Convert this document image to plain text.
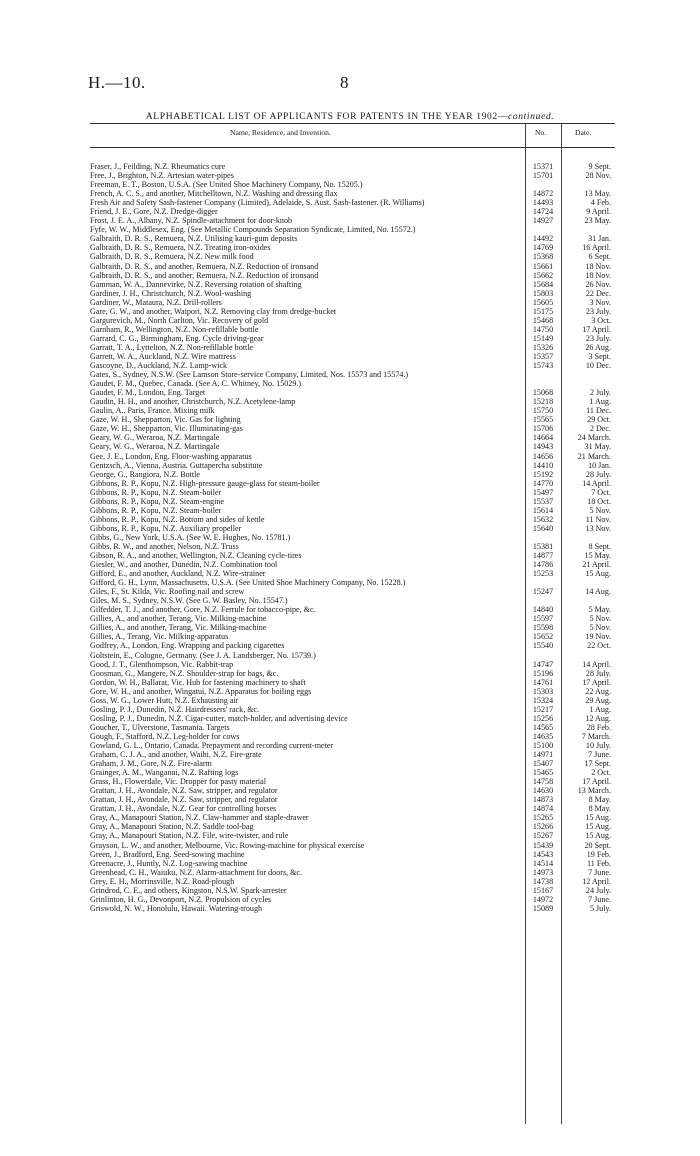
H.—10.	8
ALPHABETICAL LIST OF APPLICANTS FOR PATENTS IN THE YEAR 1902—continued.
Name, Residence, and Invention.	No.	Date.
Fraser, J., Feilding, N.Z. Rheumatics cure	15371	9 Sept.

Free, J., Brighton, N.Z. Artesian water-pipes	15701	28 Nov.

Freeman, E. T., Boston, U.S.A. (See United Shoe Machinery Company, No. 15205.)		

French, A. C. S., and another, Mitchelltown, N.Z. Washing and dressing flax	14872	13 May.

Fresh Air and Safety Sash-fastener Company (Limited), Adelaide, S. Aust. Sash-fastener. (R. Williams)	14493	4 Feb.

Friend, J. E., Gore, N.Z. Dredge-digger	14724	9 April.

Frost, J. E. A., Albany, N.Z. Spindle-attachment for door-knob	14927	23 May.

Fyfe, W. W., Middlesex, Eng. (See Metallic Compounds Separation Syndicate, Limited, No. 15572.)		

Galbraith, D. R. S., Remuera, N.Z. Utilising kauri-gum deposits	14492	31 Jan.

Galbraith, D. R. S., Remuera, N.Z. Treating iron-oxides	14769	16 April.

Galbraith, D. R. S., Remuera, N.Z. New milk food	15368	6 Sept.

Galbraith, D. R. S., and another, Remuera, N.Z. Reduction of ironsand	15661	18 Nov.

Galbraith, D. R. S., and another, Remuera, N.Z. Reduction of ironsand	15662	18 Nov.

Gamman, W. A., Dannevirke, N.Z. Reversing rotation of shafting	15684	26 Nov.

Gardiner, J. H., Christchurch, N.Z. Wool-washing	15803	22 Dec.

Gardiner, W., Mataura, N.Z. Drill-rollers	15605	3 Nov.

Gare, G. W., and another, Waipori, N.Z. Removing clay from dredge-bucket	15175	23 July.

Gargurevich, M., North Carlton, Vic. Recovery of gold	15468	3 Oct.

Garnham, R., Wellington, N.Z. Non-refillable bottle	14750	17 April.

Garrard, C. G., Birmingham, Eng. Cycle driving-gear	15149	23 July.

Garratt, T. A., Lyttelton, N.Z. Non-refillable bottle	15326	26 Aug.

Garrett, W. A., Auckland, N.Z. Wire mattress	15357	3 Sept.

Gascoyne, D., Auckland, N.Z. Lamp-wick	15743	10 Dec.

Gates, S., Sydney, N.S.W. (See Lamson Store-service Company, Limited, Nos. 15573 and 15574.)		

Gaudet, F. M., Quebec, Canada. (See A. C. Whitney, No. 15029.)		

Gaudet, F. M., London, Eng. Target	15068	2 July.

Gaudin, H. H., and another, Christchurch, N.Z. Acetylene-lamp	15218	1 Aug.

Gaulin, A., Paris, France. Mixing milk	15750	11 Dec.

Gaze, W. H., Shepparton, Vic. Gas for lighting	15565	29 Oct.

Gaze, W. H., Shepparton, Vic. Illuminating-gas	15706	2 Dec.

Geary, W. G., Weraroa, N.Z. Martingale	14664	24 March.

Geary, W. G., Weraroa, N.Z. Martingale	14943	31 May.

Gee, J. E., London, Eng. Floor-washing apparatus	14656	21 March.

Gentzsch, A., Vienna, Austria. Guttapercha substitute	14410	10 Jan.

George, G., Rangiora, N.Z. Bottle	15192	28 July.

Gibbons, R. P., Kopu, N.Z. High-pressure gauge-glass for steam-boiler	14770	14 April.

Gibbons, R. P., Kopu, N.Z. Steam-boiler	15497	7 Oct.

Gibbons, R. P., Kopu, N.Z. Steam-engine	15537	18 Oct.

Gibbons, R. P., Kopu, N.Z. Steam-boiler	15614	5 Nov.

Gibbons, R. P., Kopu, N.Z. Bottom and sides of kettle	15632	11 Nov.

Gibbons, R. P., Kopu, N.Z. Auxiliary propeller	15640	13 Nov.

Gibbs, G., New York, U.S.A. (See W. E. Hughes, No. 15781.)		

Gibbs, R. W., and another, Nelson, N.Z. Truss	15381	8 Sept.

Gibson, R. A., and another, Wellington, N.Z. Cleaning cycle-tires	14877	15 May.

Giesler, W., and another, Dunedin, N.Z. Combination tool	14786	21 April.

Gifford, E., and another, Auckland, N.Z. Wire-strainer	15253	15 Aug.

Gifford, G. H., Lynn, Massachusetts, U.S.A. (See United Shoe Machinery Company, No. 15228.)		

Giles, F., St. Kilda, Vic. Roofing nail and screw	15247	14 Aug.

Giles, M. S., Sydney, N.S.W. (See G. W. Basley, No. 15547.)		

Gilfedder, T. J., and another, Gore, N.Z. Ferrule for tobacco-pipe, &c.	14840	5 May.

Gillies, A., and another, Terang, Vic. Milking-machine	15597	5 Nov.

Gillies, A., and another, Terang, Vic. Milking-machine	15598	5 Nov.

Gillies, A., Terang, Vic. Milking-apparatus	15652	19 Nov.

Godfrey, A., London, Eng. Wrapping and packing cigarettes	15540	22 Oct.

Goltstein, E., Cologne, Germany. (See J. A. Landsberger, No. 15739.)		

Good, J. T., Glenthompson, Vic. Rabbit-trap	14747	14 April.

Goosman, G., Mangere, N.Z. Shoulder-strap for bags, &c.	15196	28 July.

Gordon, W. H., Ballarat, Vic. Hub for fastening machinery to shaft	14761	17 April.

Gore, W. H., and another, Wingatui, N.Z. Apparatus for boiling eggs	15303	22 Aug.

Goss, W. G., Lower Hutt, N.Z. Exhausting air	15324	29 Aug.

Gosling, P. J., Dunedin, N.Z. Hairdressers' rack, &c.	15217	1 Aug.

Gosling, P. J., Dunedin, N.Z. Cigar-cutter, match-holder, and advertising device	15256	12 Aug.

Goucher, T., Ulverstone, Tasmania. Targets	14565	28 Feb.

Gough, F., Stafford, N.Z. Leg-holder for cows	14635	7 March.

Gowland, G. L., Ontario, Canada. Prepayment and recording current-meter	15100	10 July.

Graham, C. J. A., and another, Waihi, N.Z. Fire-grate	14971	7 June.

Graham, J. M., Gore, N.Z. Fire-alarm	15407	17 Sept.

Grainger, A. M., Wanganui, N.Z. Rafting logs	15465	2 Oct.

Grass, H., Flowerdale, Vic. Dropper for pasty material	14758	17 April.

Grattan, J. H., Avondale, N.Z. Saw, stripper, and regulator	14630	13 March.

Grattan, J. H., Avondale, N.Z. Saw, stripper, and regulator	14873	8 May.

Grattan, J. H., Avondale, N.Z. Gear for controlling horses	14874	8 May.

Gray, A., Manapouri Station, N.Z. Claw-hammer and staple-drawer	15265	15 Aug.

Gray, A., Manapouri Station, N.Z. Saddle tool-bag	15266	15 Aug.

Gray, A., Manapouri Station, N.Z. File, wire-twister, and rule	15267	15 Aug.

Grayson, L. W., and another, Melbourne, Vic. Rowing-machine for physical exercise	15439	20 Sept.

Green, J., Bradford, Eng. Seed-sowing machine	14543	19 Feb.

Greenacre, J., Huntly, N.Z. Log-sawing machine	14514	11 Feb.

Greenhead, C. H., Waiuku, N.Z. Alarm-attachment for doors, &c.	14973	7 June.

Grey, E. H., Morrinsville, N.Z. Road-plough	14738	12 April.

Grindrod, C. E., and others, Kingston, N.S.W. Spark-arrester	15167	24 July.

Grinlinton, H. G., Devonport, N.Z. Propulsion of cycles	14972	7 June.

Griswold, N. W., Honolulu, Hawaii. Watering-trough	15089	5 July.
